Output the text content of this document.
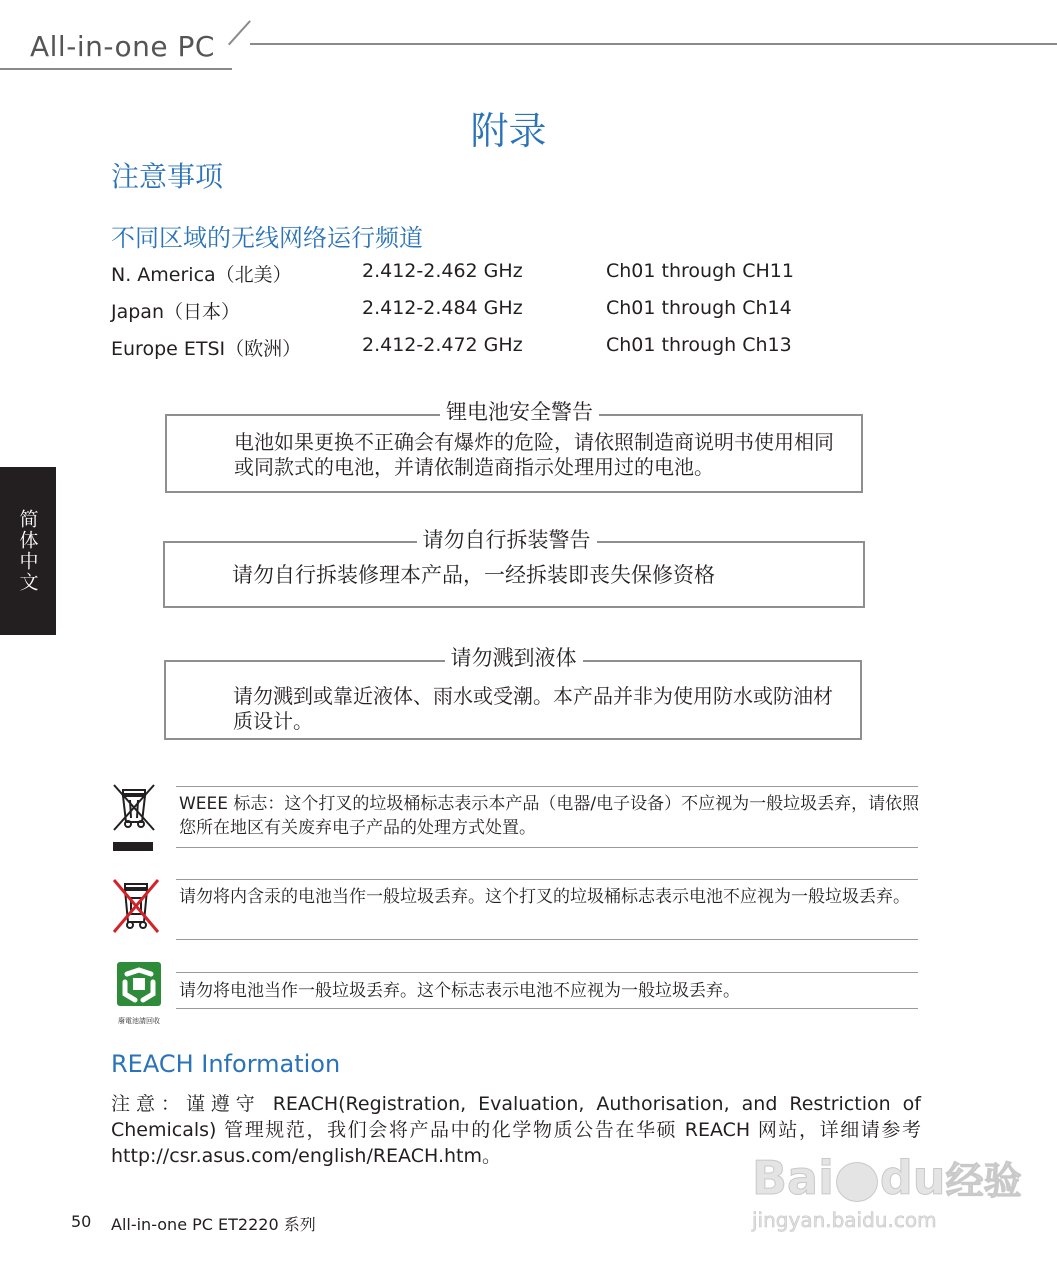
All-in-one PC
简体中文
附录
注意事项
不同区域的无线网络运行频道
N. America（北美）	2.412-2.462 GHz	Ch01 through CH11
Japan（日本）	2.412-2.484 GHz	Ch01 through Ch14
Europe ETSI（欧洲）	2.412-2.472 GHz	Ch01 through Ch13
锂电池安全警告
电池如果更换不正确会有爆炸的危险，请依照制造商说明书使用相同或同款式的电池，并请依制造商指示处理用过的电池。
请勿自行拆装警告
请勿自行拆装修理本产品，一经拆装即丧失保修资格
请勿溅到液体
请勿溅到或靠近液体、雨水或受潮。本产品并非为使用防水或防油材质设计。
WEEE 标志：这个打叉的垃圾桶标志表示本产品（电器/电子设备）不应视为一般垃圾丢弃，请依照您所在地区有关废弃电子产品的处理方式处置。
请勿将内含汞的电池当作一般垃圾丢弃。这个打叉的垃圾桶标志表示电池不应视为一般垃圾丢弃。
廢電池請回收
请勿将电池当作一般垃圾丢弃。这个标志表示电池不应视为一般垃圾丢弃。
REACH Information
注意：谨遵守 REACH(Registration, Evaluation, Authorisation, and Restriction of Chemicals) 管理规范，我们会将产品中的化学物质公告在华硕 REACH 网站，详细请参考 http://csr.asus.com/english/REACH.htm。
50 All-in-one PC ET2220 系列
Bai du经验
jingyan.baidu.com
